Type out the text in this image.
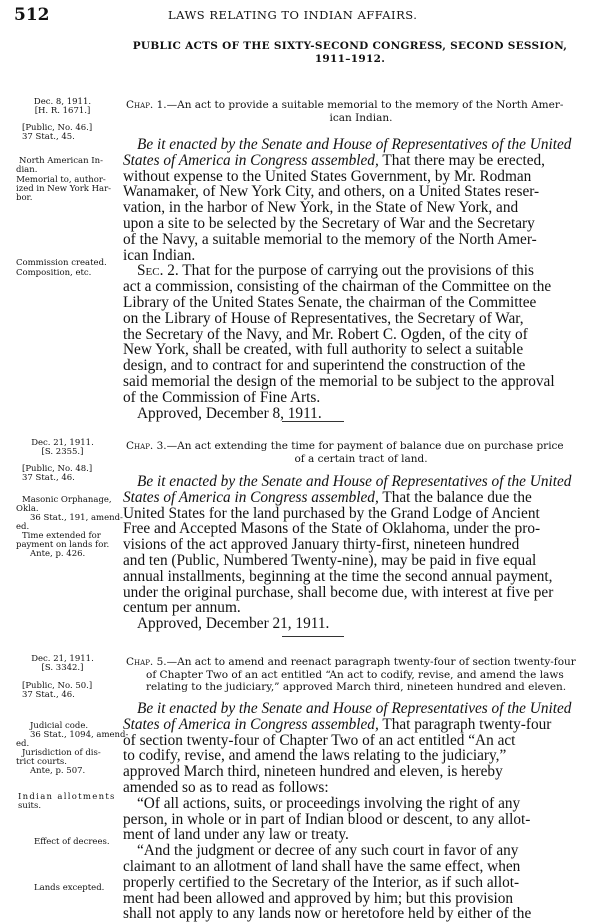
512	LAWS RELATING TO INDIAN AFFAIRS.
PUBLIC ACTS OF THE SIXTY-SECOND CONGRESS, SECOND SESSION,
1911–1912.
Dec. 8, 1911.
[H. R. 1671.]
[Public, No. 46.]
37 Stat., 45.
Chap. 1.—An act to provide a suitable memorial to the memory of the North Amer-
ican Indian.
North American In-
dian.
Memorial to, author-
ized in New York Har-
bor.
Commission created.
Composition, etc.
Be it enacted by the Senate and House of Representatives of the United
States of America in Congress assembled, That there may be erected,
without expense to the United States Government, by Mr. Rodman
Wanamaker, of New York City, and others, on a United States reser-
vation, in the harbor of New York, in the State of New York, and
upon a site to be selected by the Secretary of War and the Secretary
of the Navy, a suitable memorial to the memory of the North Amer-
ican Indian.
Sec. 2. That for the purpose of carrying out the provisions of this
act a commission, consisting of the chairman of the Committee on the
Library of the United States Senate, the chairman of the Committee
on the Library of House of Representatives, the Secretary of War,
the Secretary of the Navy, and Mr. Robert C. Ogden, of the city of
New York, shall be created, with full authority to select a suitable
design, and to contract for and superintend the construction of the
said memorial the design of the memorial to be subject to the approval
of the Commission of Fine Arts.
Approved, December 8, 1911.
Dec. 21, 1911.
[S. 2355.]
[Public, No. 48.]
37 Stat., 46.
Chap. 3.—An act extending the time for payment of balance due on purchase price
of a certain tract of land.
Masonic Orphanage,
Okla.
36 Stat., 191, amend-
ed.
Time extended for
payment on lands for.
Ante, p. 426.
Be it enacted by the Senate and House of Representatives of the United
States of America in Congress assembled, That the balance due the
United States for the land purchased by the Grand Lodge of Ancient
Free and Accepted Masons of the State of Oklahoma, under the pro-
visions of the act approved January thirty-first, nineteen hundred
and ten (Public, Numbered Twenty-nine), may be paid in five equal
annual installments, beginning at the time the second annual payment,
under the original purchase, shall become due, with interest at five per
centum per annum.
Approved, December 21, 1911.
Dec. 21, 1911.
[S. 3342.]
[Public, No. 50.]
37 Stat., 46.
Chap. 5.—An act to amend and reenact paragraph twenty-four of section twenty-four
of Chapter Two of an act entitled “An act to codify, revise, and amend the laws
relating to the judiciary,” approved March third, nineteen hundred and eleven.
Judicial code.
36 Stat., 1094, amend-
ed.
Jurisdiction of dis-
trict courts.
Ante, p. 507.
Indian allotments
suits.
Effect of decrees.
Lands excepted.
Be it enacted by the Senate and House of Representatives of the United
States of America in Congress assembled, That paragraph twenty-four
of section twenty-four of Chapter Two of an act entitled “An act
to codify, revise, and amend the laws relating to the judiciary,”
approved March third, nineteen hundred and eleven, is hereby
amended so as to read as follows:
“Of all actions, suits, or proceedings involving the right of any
person, in whole or in part of Indian blood or descent, to any allot-
ment of land under any law or treaty.
“And the judgment or decree of any such court in favor of any
claimant to an allotment of land shall have the same effect, when
properly certified to the Secretary of the Interior, as if such allot-
ment had been allowed and approved by him; but this provision
shall not apply to any lands now or heretofore held by either of the
